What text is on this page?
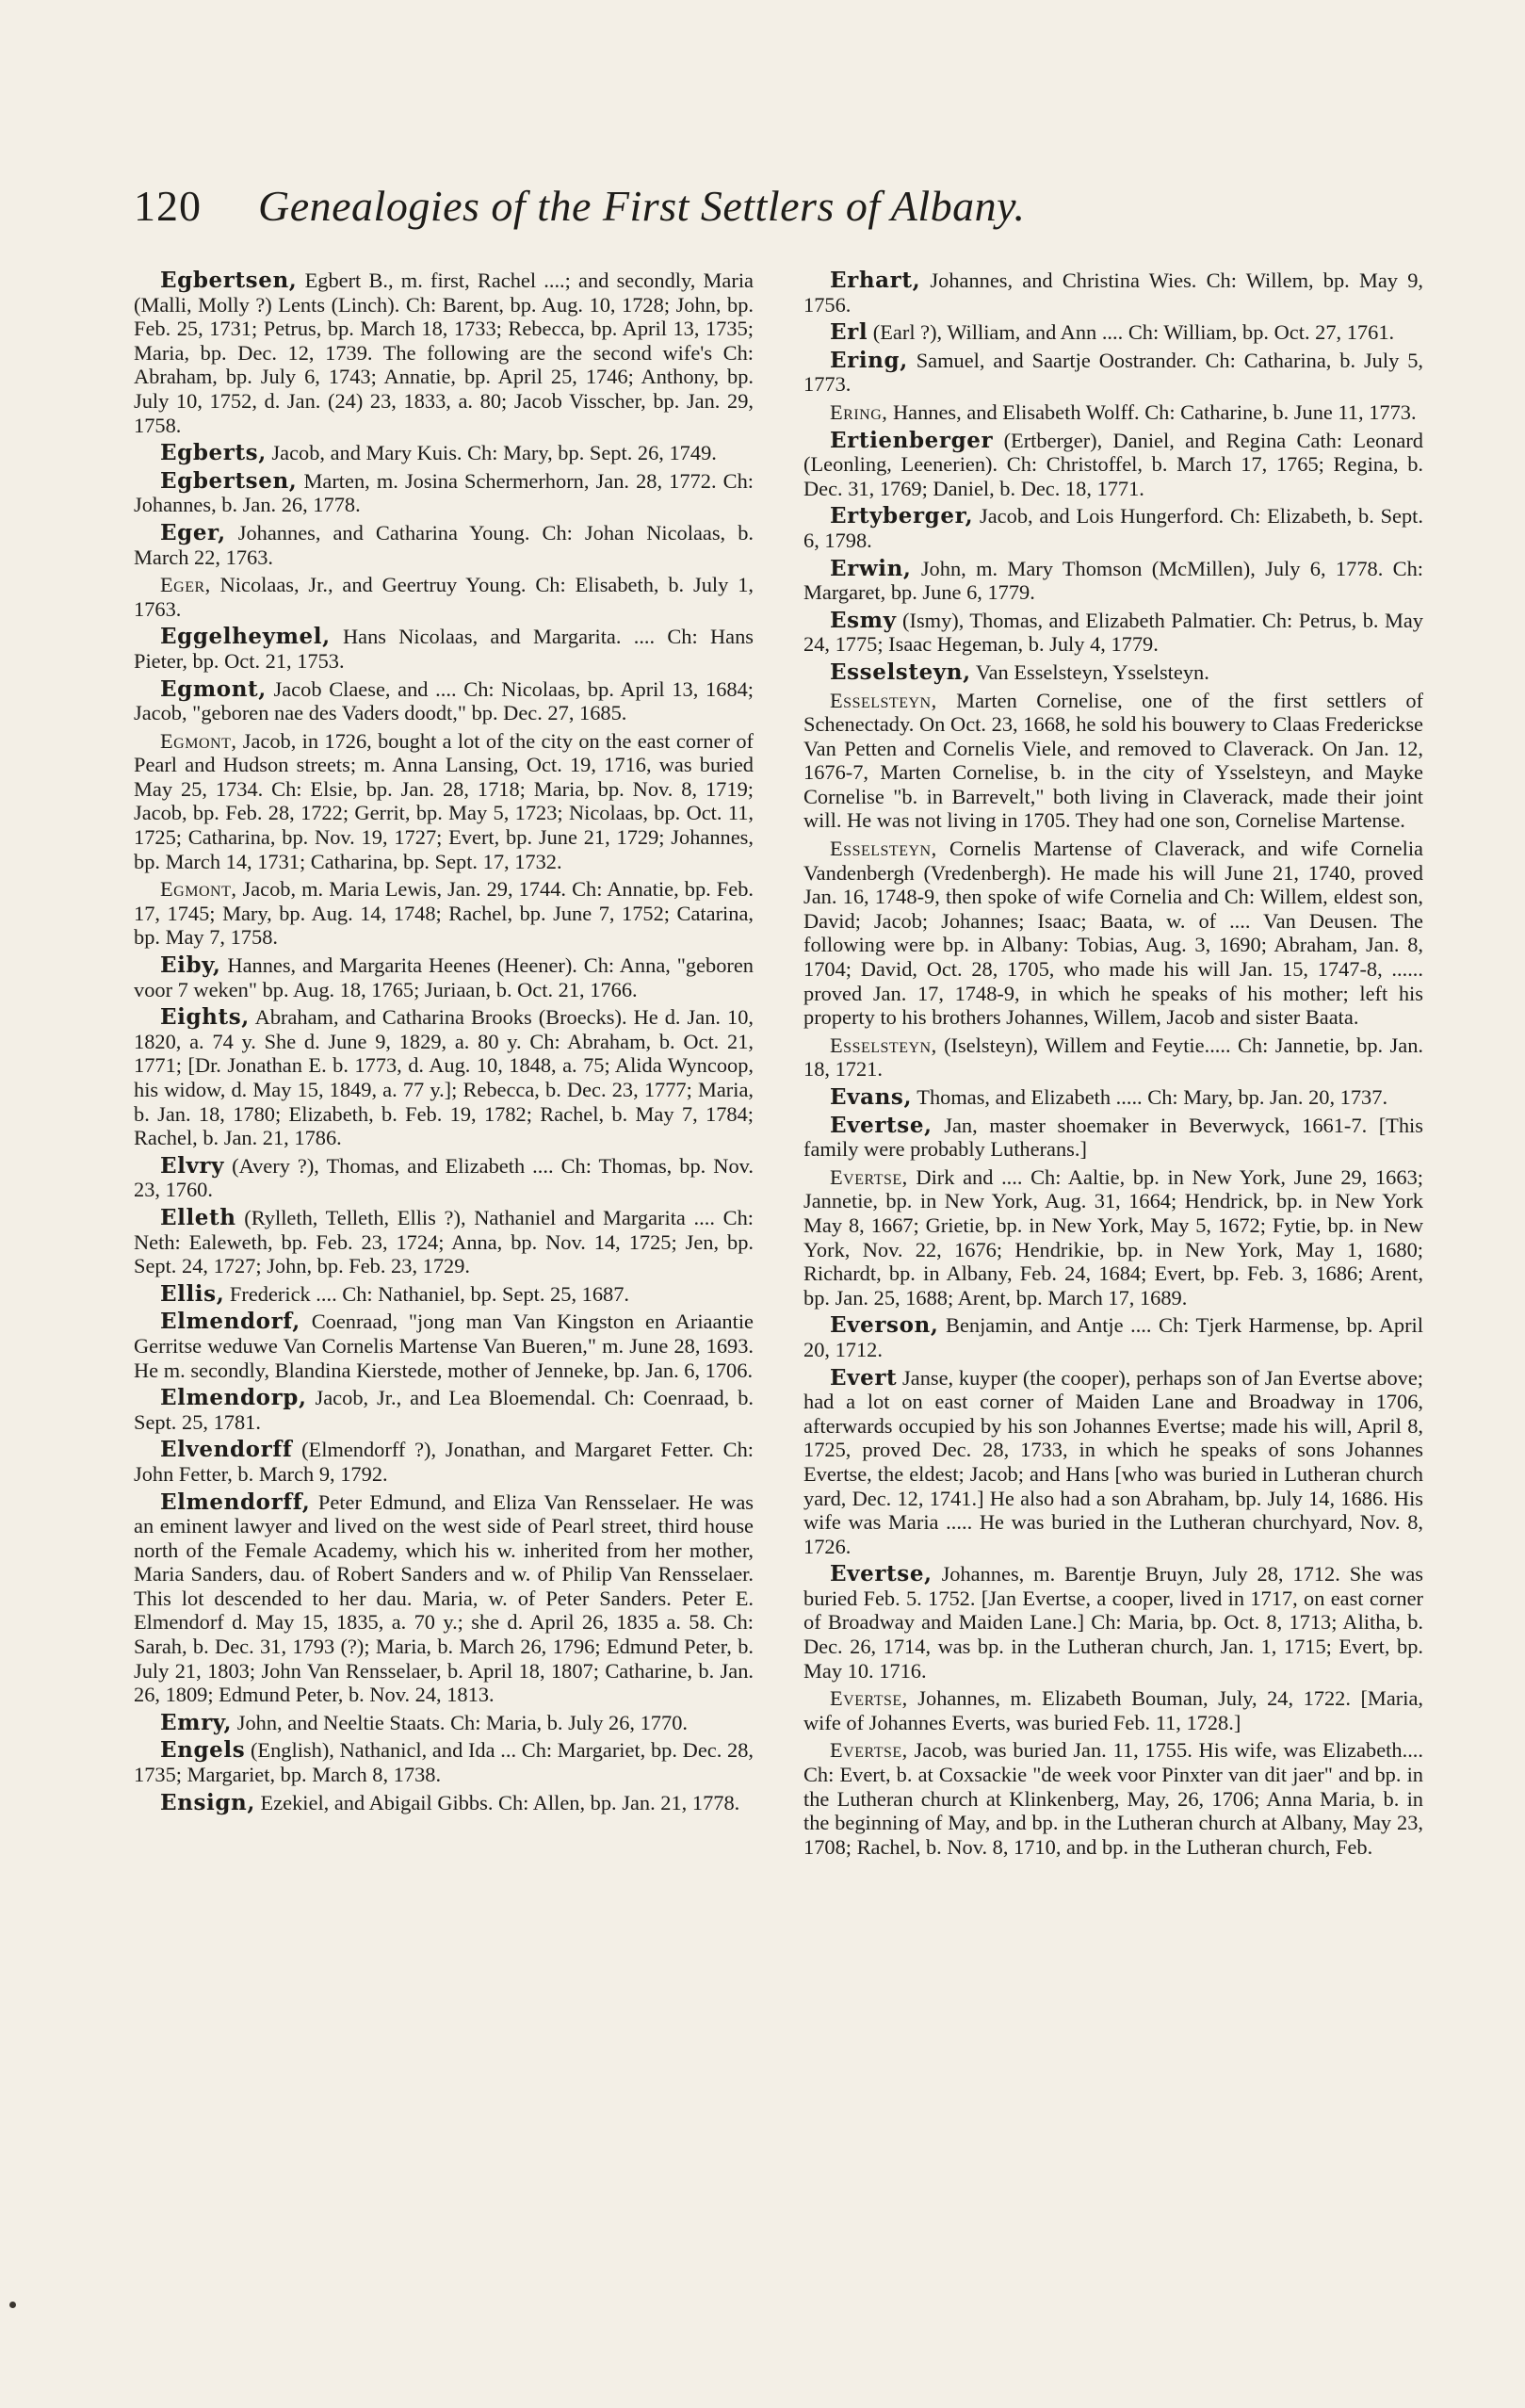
120 Genealogies of the First Settlers of Albany.

Egbertsen, Egbert B., m. first, Rachel ....; and secondly, Maria (Malli, Molly ?) Lents (Linch). Ch: Barent, bp. Aug. 10, 1728; John, bp. Feb. 25, 1731; Petrus, bp. March 18, 1733; Rebecca, bp. April 13, 1735; Maria, bp. Dec. 12, 1739. The following are the second wife's Ch: Abraham, bp. July 6, 1743; Annatie, bp. April 25, 1746; Anthony, bp. July 10, 1752, d. Jan. (24) 23, 1833, a. 80; Jacob Visscher, bp. Jan. 29, 1758.

Egberts, Jacob, and Mary Kuis. Ch: Mary, bp. Sept. 26, 1749.

Egbertsen, Marten, m. Josina Schermerhorn, Jan. 28, 1772. Ch: Johannes, b. Jan. 26, 1778.

Eger, Johannes, and Catharina Young. Ch: Johan Nicolaas, b. March 22, 1763.

Eger, Nicolaas, Jr., and Geertruy Young. Ch: Elisabeth, b. July 1, 1763.

Eggelheymel, Hans Nicolaas, and Margarita. .... Ch: Hans Pieter, bp. Oct. 21, 1753.

Egmont, Jacob Claese, and .... Ch: Nicolaas, bp. April 13, 1684; Jacob, "geboren nae des Vaders doodt," bp. Dec. 27, 1685.

Egmont, Jacob, in 1726, bought a lot of the city on the east corner of Pearl and Hudson streets; m. Anna Lansing, Oct. 19, 1716, was buried May 25, 1734. Ch: Elsie, bp. Jan. 28, 1718; Maria, bp. Nov. 8, 1719; Jacob, bp. Feb. 28, 1722; Gerrit, bp. May 5, 1723; Nicolaas, bp. Oct. 11, 1725; Catharina, bp. Nov. 19, 1727; Evert, bp. June 21, 1729; Johannes, bp. March 14, 1731; Catharina, bp. Sept. 17, 1732.

Egmont, Jacob, m. Maria Lewis, Jan. 29, 1744. Ch: Annatie, bp. Feb. 17, 1745; Mary, bp. Aug. 14, 1748; Rachel, bp. June 7, 1752; Catarina, bp. May 7, 1758.

Eiby, Hannes, and Margarita Heenes (Heener). Ch: Anna, "geboren voor 7 weken" bp. Aug. 18, 1765; Juriaan, b. Oct. 21, 1766.

Eights, Abraham, and Catharina Brooks (Broecks). He d. Jan. 10, 1820, a. 74 y. She d. June 9, 1829, a. 80 y. Ch: Abraham, b. Oct. 21, 1771; [Dr. Jonathan E. b. 1773, d. Aug. 10, 1848, a. 75; Alida Wyncoop, his widow, d. May 15, 1849, a. 77 y.]; Rebecca, b. Dec. 23, 1777; Maria, b. Jan. 18, 1780; Elizabeth, b. Feb. 19, 1782; Rachel, b. May 7, 1784; Rachel, b. Jan. 21, 1786.

Elvry (Avery ?), Thomas, and Elizabeth .... Ch: Thomas, bp. Nov. 23, 1760.

Elleth (Rylleth, Telleth, Ellis ?), Nathaniel and Margarita .... Ch: Neth: Ealeweth, bp. Feb. 23, 1724; Anna, bp. Nov. 14, 1725; Jen, bp. Sept. 24, 1727; John, bp. Feb. 23, 1729.

Ellis, Frederick .... Ch: Nathaniel, bp. Sept. 25, 1687.

Elmendorf, Coenraad, "jong man Van Kingston en Ariaantie Gerritse weduwe Van Cornelis Martense Van Bueren," m. June 28, 1693. He m. secondly, Blandina Kierstede, mother of Jenneke, bp. Jan. 6, 1706.

Elmendorp, Jacob, Jr., and Lea Bloemendal. Ch: Coenraad, b. Sept. 25, 1781.

Elvendorff (Elmendorff ?), Jonathan, and Margaret Fetter. Ch: John Fetter, b. March 9, 1792.

Elmendorff, Peter Edmund, and Eliza Van Rensselaer. He was an eminent lawyer and lived on the west side of Pearl street, third house north of the Female Academy, which his w. inherited from her mother, Maria Sanders, dau. of Robert Sanders and w. of Philip Van Rensselaer. This lot descended to her dau. Maria, w. of Peter Sanders. Peter E. Elmendorf d. May 15, 1835, a. 70 y.; she d. April 26, 1835 a. 58. Ch: Sarah, b. Dec. 31, 1793 (?); Maria, b. March 26, 1796; Edmund Peter, b. July 21, 1803; John Van Rensselaer, b. April 18, 1807; Catharine, b. Jan. 26, 1809; Edmund Peter, b. Nov. 24, 1813.

Emry, John, and Neeltie Staats. Ch: Maria, b. July 26, 1770.

Engels (English), Nathanicl, and Ida ... Ch: Margariet, bp. Dec. 28, 1735; Margariet, bp. March 8, 1738.

Ensign, Ezekiel, and Abigail Gibbs. Ch: Allen, bp. Jan. 21, 1778.

Erhart, Johannes, and Christina Wies. Ch: Willem, bp. May 9, 1756.

Erl (Earl ?), William, and Ann .... Ch: William, bp. Oct. 27, 1761.

Ering, Samuel, and Saartje Oostrander. Ch: Catharina, b. July 5, 1773.

Ering, Hannes, and Elisabeth Wolff. Ch: Catharine, b. June 11, 1773.

Ertienberger (Ertberger), Daniel, and Regina Cath: Leonard (Leonling, Leenerien). Ch: Christoffel, b. March 17, 1765; Regina, b. Dec. 31, 1769; Daniel, b. Dec. 18, 1771.

Ertyberger, Jacob, and Lois Hungerford. Ch: Elizabeth, b. Sept. 6, 1798.

Erwin, John, m. Mary Thomson (McMillen), July 6, 1778. Ch: Margaret, bp. June 6, 1779.

Esmy (Ismy), Thomas, and Elizabeth Palmatier. Ch: Petrus, b. May 24, 1775; Isaac Hegeman, b. July 4, 1779.

Esselsteyn, Van Esselsteyn, Ysselsteyn.

Esselsteyn, Marten Cornelise, one of the first settlers of Schenectady. On Oct. 23, 1668, he sold his bouwery to Claas Frederickse Van Petten and Cornelis Viele, and removed to Claverack. On Jan. 12, 1676-7, Marten Cornelise, b. in the city of Ysselsteyn, and Mayke Cornelise "b. in Barrevelt," both living in Claverack, made their joint will. He was not living in 1705. They had one son, Cornelise Martense.

Esselsteyn, Cornelis Martense of Claverack, and wife Cornelia Vandenbergh (Vredenbergh). He made his will June 21, 1740, proved Jan. 16, 1748-9, then spoke of wife Cornelia and Ch: Willem, eldest son, David; Jacob; Johannes; Isaac; Baata, w. of .... Van Deusen. The following were bp. in Albany: Tobias, Aug. 3, 1690; Abraham, Jan. 8, 1704; David, Oct. 28, 1705, who made his will Jan. 15, 1747-8, ...... proved Jan. 17, 1748-9, in which he speaks of his mother; left his property to his brothers Johannes, Willem, Jacob and sister Baata.

Esselsteyn, (Iselsteyn), Willem and Feytie..... Ch: Jannetie, bp. Jan. 18, 1721.

Evans, Thomas, and Elizabeth ..... Ch: Mary, bp. Jan. 20, 1737.

Evertse, Jan, master shoemaker in Beverwyck, 1661-7. [This family were probably Lutherans.]

Evertse, Dirk and .... Ch: Aaltie, bp. in New York, June 29, 1663; Jannetie, bp. in New York, Aug. 31, 1664; Hendrick, bp. in New York May 8, 1667; Grietie, bp. in New York, May 5, 1672; Fytie, bp. in New York, Nov. 22, 1676; Hendrikie, bp. in New York, May 1, 1680; Richardt, bp. in Albany, Feb. 24, 1684; Evert, bp. Feb. 3, 1686; Arent, bp. Jan. 25, 1688; Arent, bp. March 17, 1689.

Everson, Benjamin, and Antje .... Ch: Tjerk Harmense, bp. April 20, 1712.

Evert Janse, kuyper (the cooper), perhaps son of Jan Evertse above; had a lot on east corner of Maiden Lane and Broadway in 1706, afterwards occupied by his son Johannes Evertse; made his will, April 8, 1725, proved Dec. 28, 1733, in which he speaks of sons Johannes Evertse, the eldest; Jacob; and Hans [who was buried in Lutheran church yard, Dec. 12, 1741.] He also had a son Abraham, bp. July 14, 1686. His wife was Maria ..... He was buried in the Lutheran churchyard, Nov. 8, 1726.

Evertse, Johannes, m. Barentje Bruyn, July 28, 1712. She was buried Feb. 5. 1752. [Jan Evertse, a cooper, lived in 1717, on east corner of Broadway and Maiden Lane.] Ch: Maria, bp. Oct. 8, 1713; Alitha, b. Dec. 26, 1714, was bp. in the Lutheran church, Jan. 1, 1715; Evert, bp. May 10. 1716.

Evertse, Johannes, m. Elizabeth Bouman, July, 24, 1722. [Maria, wife of Johannes Everts, was buried Feb. 11, 1728.]

Evertse, Jacob, was buried Jan. 11, 1755. His wife, was Elizabeth.... Ch: Evert, b. at Coxsackie "de week voor Pinxter van dit jaer" and bp. in the Lutheran church at Klinkenberg, May, 26, 1706; Anna Maria, b. in the beginning of May, and bp. in the Lutheran church at Albany, May 23, 1708; Rachel, b. Nov. 8, 1710, and bp. in the Lutheran church, Feb.
